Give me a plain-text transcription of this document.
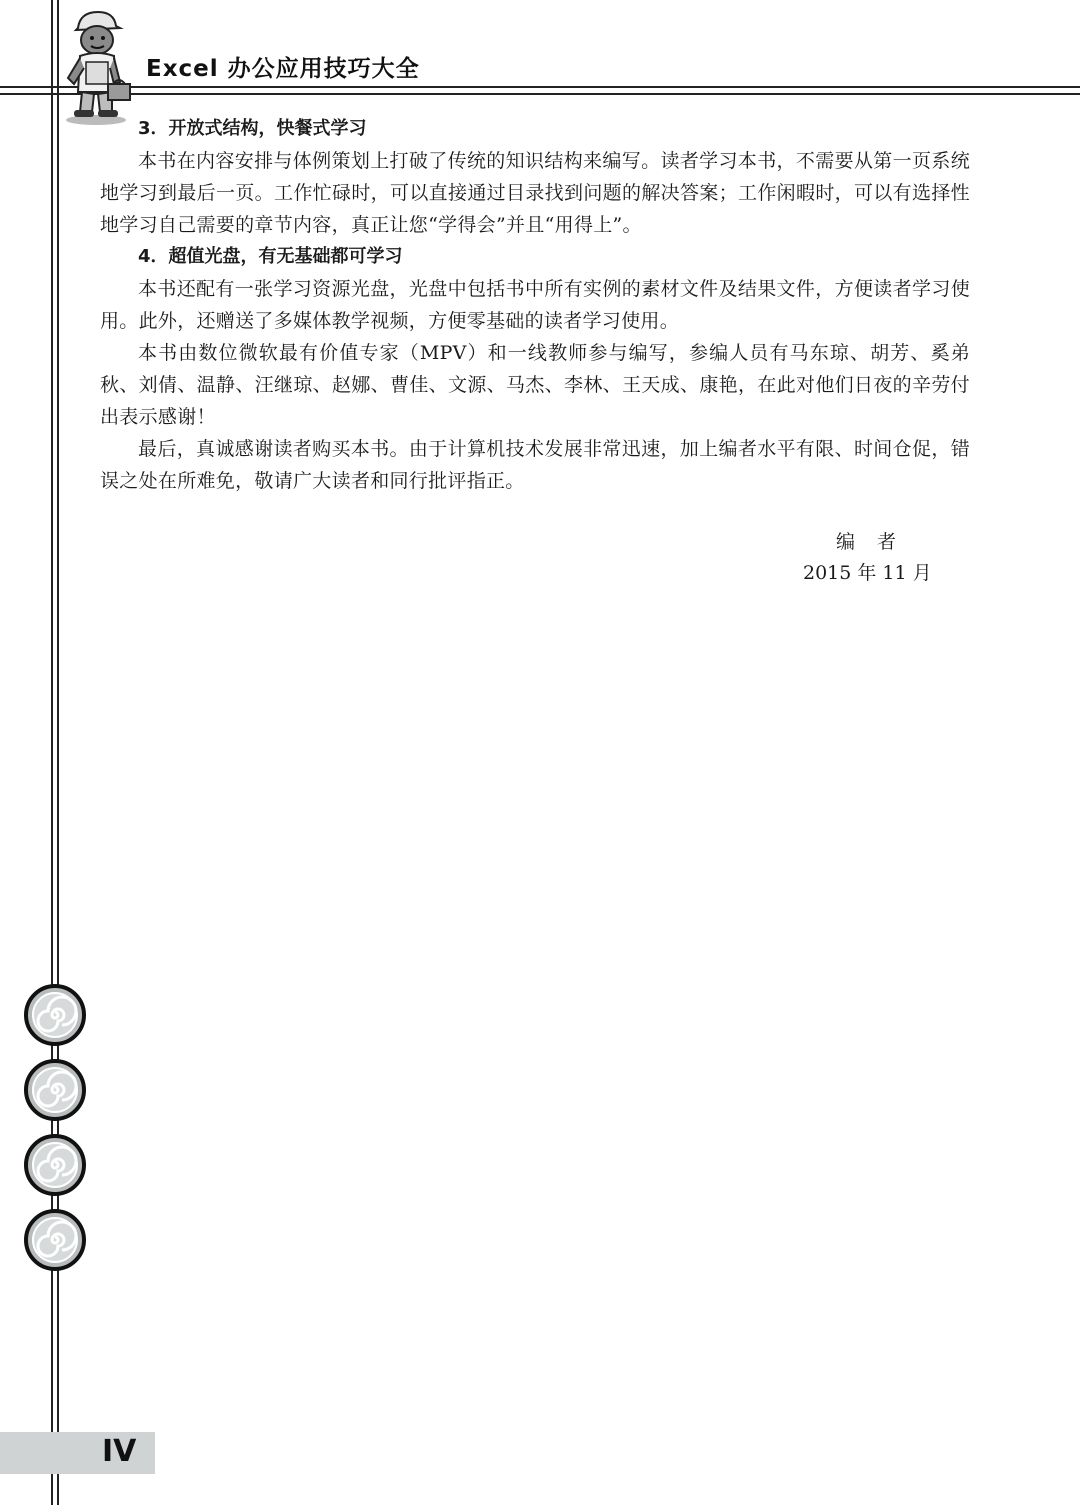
Excel 办公应用技巧大全

3．开放式结构，快餐式学习

本书在内容安排与体例策划上打破了传统的知识结构来编写。读者学习本书，不需要从第一页系统地学习到最后一页。工作忙碌时，可以直接通过目录找到问题的解决答案；工作闲暇时，可以有选择性地学习自己需要的章节内容，真正让您“学得会”并且“用得上”。

4．超值光盘，有无基础都可学习

本书还配有一张学习资源光盘，光盘中包括书中所有实例的素材文件及结果文件，方便读者学习使用。此外，还赠送了多媒体教学视频，方便零基础的读者学习使用。

本书由数位微软最有价值专家（MPV）和一线教师参与编写，参编人员有马东琼、胡芳、奚弟秋、刘倩、温静、汪继琼、赵娜、曹佳、文源、马杰、李林、王天成、康艳，在此对他们日夜的辛劳付出表示感谢！

最后，真诚感谢读者购买本书。由于计算机技术发展非常迅速，加上编者水平有限、时间仓促，错误之处在所难免，敬请广大读者和同行批评指正。

编者
2015 年 11 月
IV
